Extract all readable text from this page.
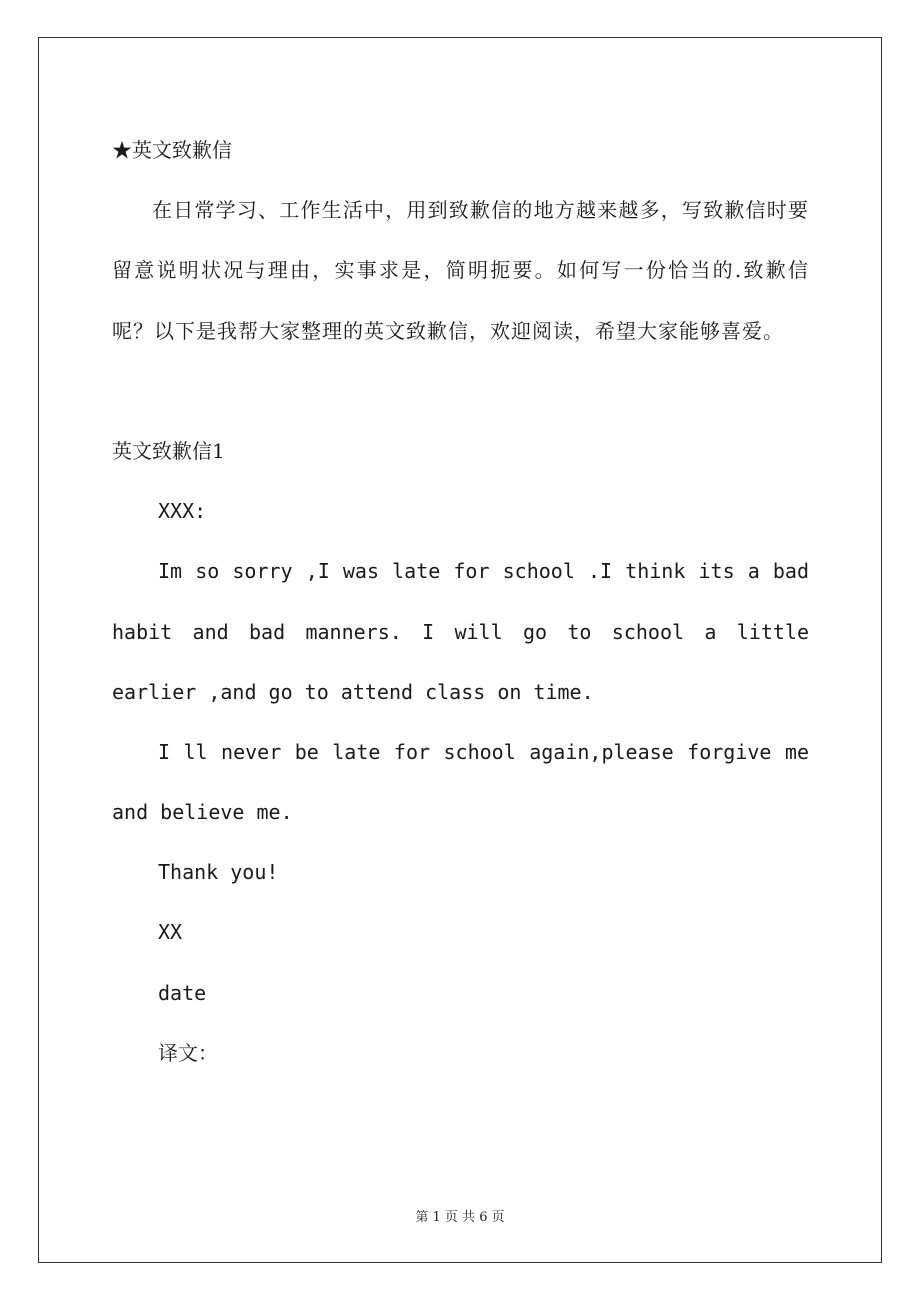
★英文致歉信

在日常学习、工作生活中，用到致歉信的地方越来越多，写致歉信时要留意说明状况与理由，实事求是，简明扼要。如何写一份恰当的.致歉信呢？以下是我帮大家整理的英文致歉信，欢迎阅读，希望大家能够喜爱。

英文致歉信1
XXX:
Im so sorry ,I was late for school .I think its a bad
habit and bad manners. I will go to school a little
earlier ,and go to attend class on time.
I ll never be late for school again,please forgive me
and believe me.
Thank you!
XX
date
译文：
第 1 页 共 6 页
